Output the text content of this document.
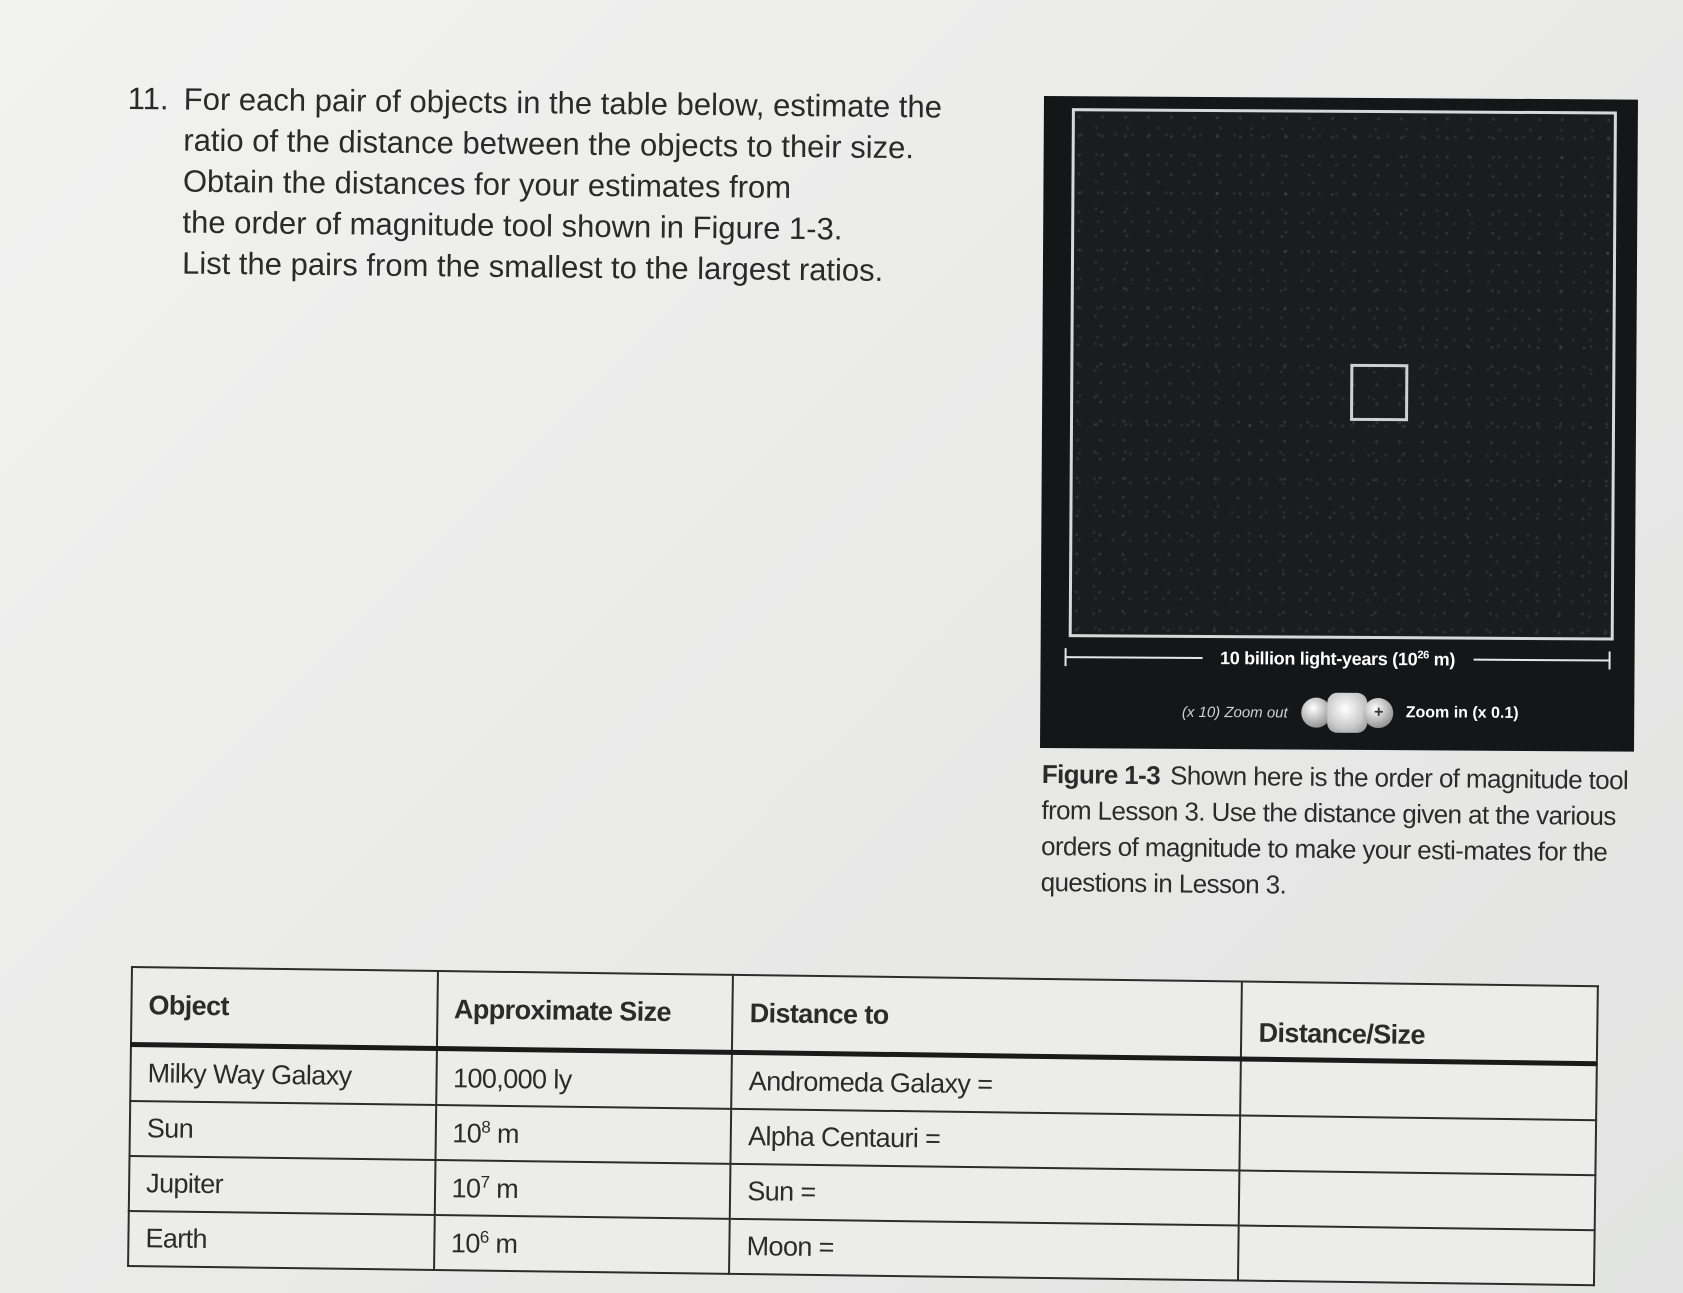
11. For each pair of objects in the table below, estimate the
ratio of the distance between the objects to their size.
Obtain the distances for your estimates from
the order of magnitude tool shown in Figure 1-3.
List the pairs from the smallest to the largest ratios.
10 billion light-years ($10^{26}$ m)
(x 10) Zoom out	+	Zoom in (x 0.1)
Figure 1-3 Shown here is the order of magnitude tool from Lesson 3. Use the distance given at the various orders of magnitude to make your esti-mates for the questions in Lesson 3.
Object	Approximate Size	Distance to	Distance/Size
Milky Way Galaxy	100,000 ly	Andromeda Galaxy =	
Sun	$10^8$ m	Alpha Centauri =	
Jupiter	$10^7$ m	Sun =	
Earth	$10^6$ m	Moon =	
